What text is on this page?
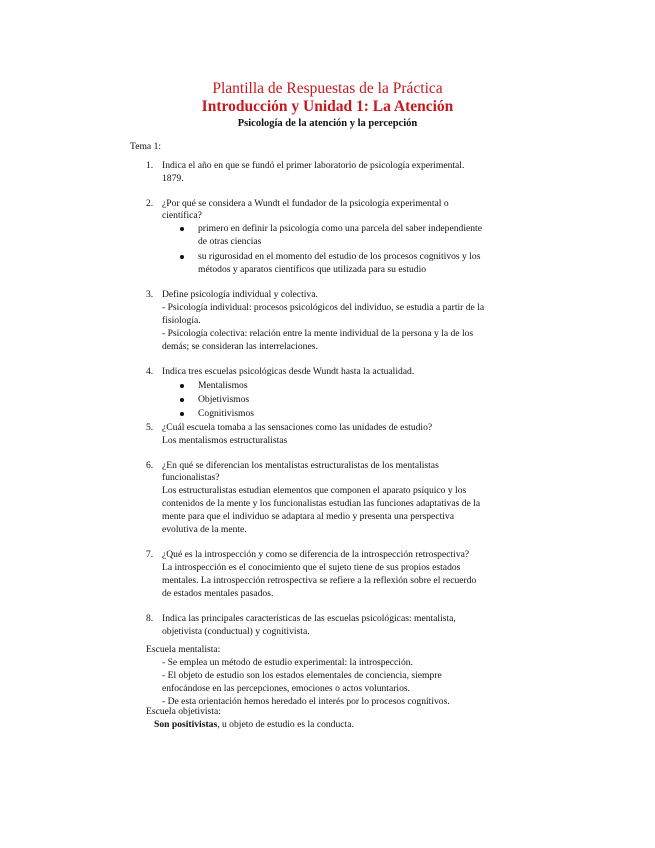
Plantilla de Respuestas de la Práctica
Introducción y Unidad 1: La Atención
Psicología de la atención y la percepción
Tema 1:
1. Indica el año en que se fundó el primer laboratorio de psicología experimental.
1879.
2. ¿Por qué se considera a Wundt el fundador de la psicología experimental o
científica?
primero en definir la psicología como una parcela del saber independiente
de otras ciencias
su rigurosidad en el momento del estudio de los procesos cognitivos y los
métodos y aparatos científicos que utilizada para su estudio
3. Define psicología individual y colectiva.
- Psicología individual: procesos psicológicos del individuo, se estudia a partir de la
fisiología.
- Psicología colectiva: relación entre la mente individual de la persona y la de los
demás; se consideran las interrelaciones.
4. Indica tres escuelas psicológicas desde Wundt hasta la actualidad.
Mentalismos
Objetivismos
Cognitivismos
5. ¿Cuál escuela tomaba a las sensaciones como las unidades de estudio?
Los mentalismos estructuralistas
6. ¿En qué se diferencian los mentalistas estructuralistas de los mentalistas
funcionalistas?
Los estructuralistas estudian elementos que componen el aparato psíquico y los
contenidos de la mente y los funcionalistas estudian las funciones adaptativas de la
mente para que el individuo se adaptara al medio y presenta una perspectiva
evolutiva de la mente.
7. ¿Qué es la introspección y como se diferencia de la introspección retrospectiva?
La introspección es el conocimiento que el sujeto tiene de sus propios estados
mentales. La introspección retrospectiva se refiere a la reflexión sobre el recuerdo
de estados mentales pasados.
8. Indica las principales características de las escuelas psicológicas: mentalista,
objetivista (conductual) y cognitivista.
Escuela mentalista:
- Se emplea un método de estudio experimental: la introspección.
- El objeto de estudio son los estados elementales de conciencia, siempre
enfocándose en las percepciones, emociones o actos voluntarios.
- De esta orientación hemos heredado el interés por lo procesos cognitivos.
Escuela objetivista:
Son positivistas, u objeto de estudio es la conducta.
